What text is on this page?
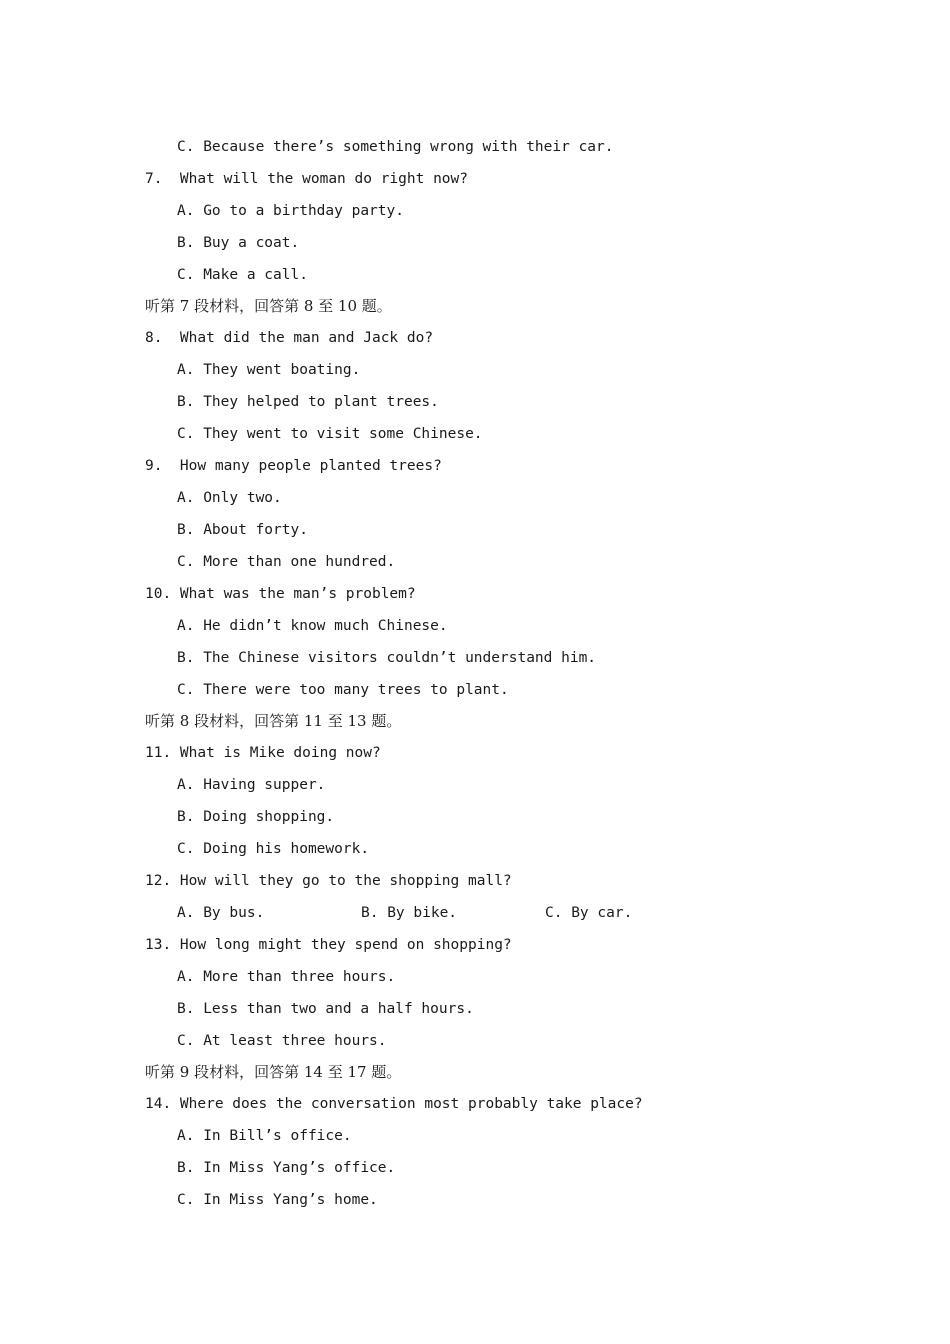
C. Because there’s something wrong with their car.
7.  What will the woman do right now?
A. Go to a birthday party.
B. Buy a coat.
C. Make a call.
听第 7 段材料，回答第 8 至 10 题。
8.  What did the man and Jack do?
A. They went boating.
B. They helped to plant trees.
C. They went to visit some Chinese.
9.  How many people planted trees?
A. Only two.
B. About forty.
C. More than one hundred.
10. What was the man’s problem?
A. He didn’t know much Chinese.
B. The Chinese visitors couldn’t understand him.
C. There were too many trees to plant.
听第 8 段材料，回答第 11 至 13 题。
11. What is Mike doing now?
A. Having supper.
B. Doing shopping.
C. Doing his homework.
12. How will they go to the shopping mall?
A. By bus.	B. By bike.	C. By car.
13. How long might they spend on shopping?
A. More than three hours.
B. Less than two and a half hours.
C. At least three hours.
听第 9 段材料，回答第 14 至 17 题。
14. Where does the conversation most probably take place?
A. In Bill’s office.
B. In Miss Yang’s office.
C. In Miss Yang’s home.
